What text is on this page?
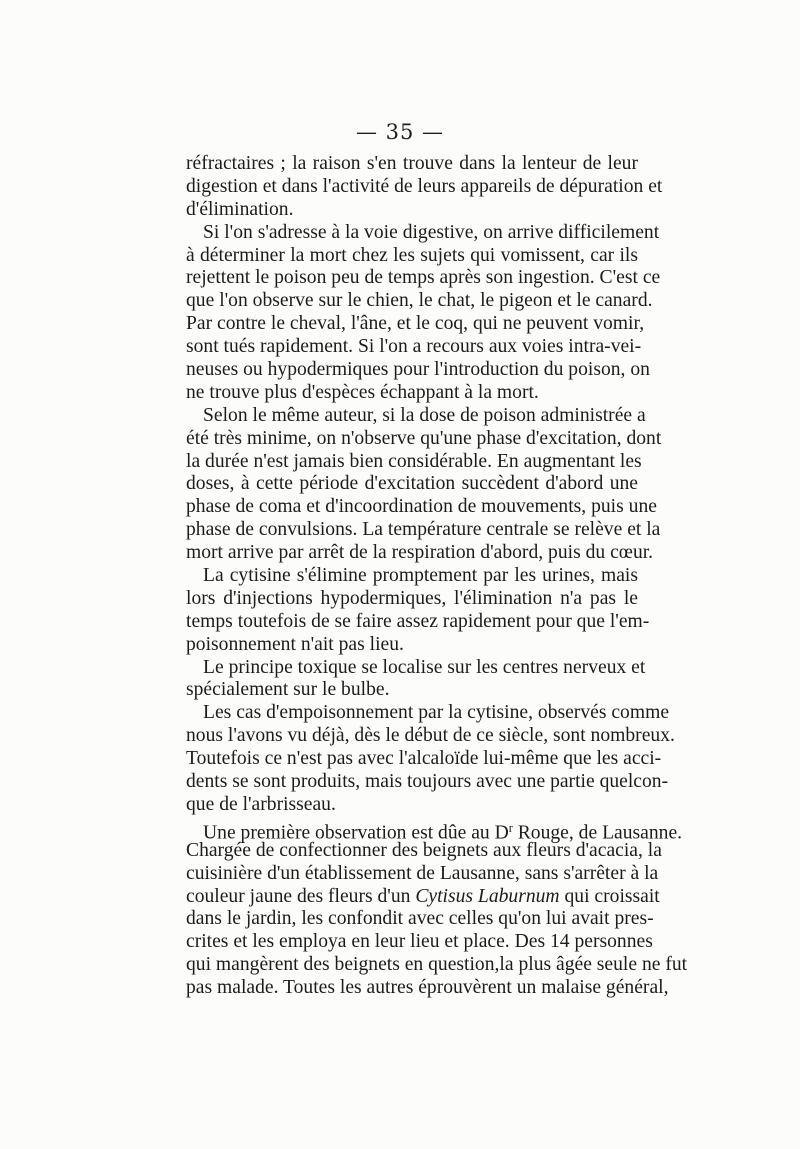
— 35 —
réfractaires ; la raison s'en trouve dans la lenteur de leur
digestion et dans l'activité de leurs appareils de dépuration et
d'élimination.
Si l'on s'adresse à la voie digestive, on arrive difficilement
à déterminer la mort chez les sujets qui vomissent, car ils
rejettent le poison peu de temps après son ingestion. C'est ce
que l'on observe sur le chien, le chat, le pigeon et le canard.
Par contre le cheval, l'âne, et le coq, qui ne peuvent vomir,
sont tués rapidement. Si l'on a recours aux voies intra-vei-
neuses ou hypodermiques pour l'introduction du poison, on
ne trouve plus d'espèces échappant à la mort.
Selon le même auteur, si la dose de poison administrée a
été très minime, on n'observe qu'une phase d'excitation, dont
la durée n'est jamais bien considérable. En augmentant les
doses, à cette période d'excitation succèdent d'abord une
phase de coma et d'incoordination de mouvements, puis une
phase de convulsions. La température centrale se relève et la
mort arrive par arrêt de la respiration d'abord, puis du cœur.
La cytisine s'élimine promptement par les urines, mais
lors d'injections hypodermiques, l'élimination n'a pas le
temps toutefois de se faire assez rapidement pour que l'em-
poisonnement n'ait pas lieu.
Le principe toxique se localise sur les centres nerveux et
spécialement sur le bulbe.
Les cas d'empoisonnement par la cytisine, observés comme
nous l'avons vu déjà, dès le début de ce siècle, sont nombreux.
Toutefois ce n'est pas avec l'alcaloïde lui-même que les acci-
dents se sont produits, mais toujours avec une partie quelcon-
que de l'arbrisseau.
Une première observation est dûe au $D^r$ Rouge, de Lausanne.
Chargée de confectionner des beignets aux fleurs d'acacia, la
cuisinière d'un établissement de Lausanne, sans s'arrêter à la
couleur jaune des fleurs d'un Cytisus Laburnum qui croissait
dans le jardin, les confondit avec celles qu'on lui avait pres-
crites et les employa en leur lieu et place. Des 14 personnes
qui mangèrent des beignets en question,la plus âgée seule ne fut
pas malade. Toutes les autres éprouvèrent un malaise général,
